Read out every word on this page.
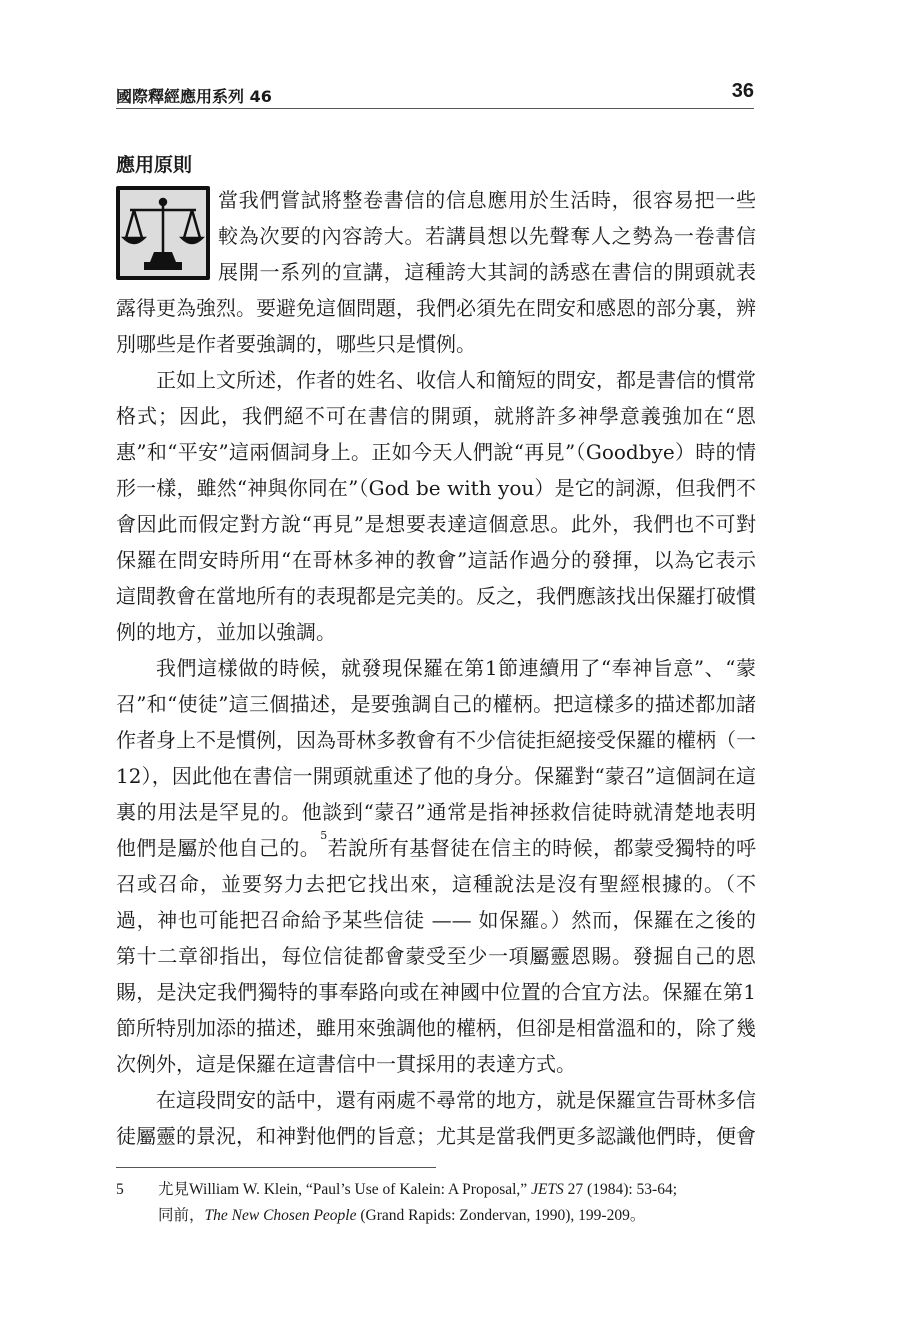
國際釋經應用系列 46	36
應用原則

當我們嘗試將整卷書信的信息應用於生活時，很容易把一些較為次要的內容誇大。若講員想以先聲奪人之勢為一卷書信展開一系列的宣講，這種誇大其詞的誘惑在書信的開頭就表露得更為強烈。要避免這個問題，我們必須先在問安和感恩的部分裏，辨別哪些是作者要強調的，哪些只是慣例。

正如上文所述，作者的姓名、收信人和簡短的問安，都是書信的慣常格式；因此，我們絕不可在書信的開頭，就將許多神學意義強加在“恩惠”和“平安”這兩個詞身上。正如今天人們說“再見”（Goodbye）時的情形一樣，雖然“神與你同在”（God be with you）是它的詞源，但我們不會因此而假定對方說“再見”是想要表達這個意思。此外，我們也不可對保羅在問安時所用“在哥林多神的教會”這話作過分的發揮，以為它表示這間教會在當地所有的表現都是完美的。反之，我們應該找出保羅打破慣例的地方，並加以強調。

我們這樣做的時候，就發現保羅在第1節連續用了“奉神旨意”、“蒙召”和“使徒”這三個描述，是要強調自己的權柄。把這樣多的描述都加諸作者身上不是慣例，因為哥林多教會有不少信徒拒絕接受保羅的權柄（一12），因此他在書信一開頭就重述了他的身分。保羅對“蒙召”這個詞在這裏的用法是罕見的。他談到“蒙召”通常是指神拯救信徒時就清楚地表明他們是屬於他自己的。$^5$若說所有基督徒在信主的時候，都蒙受獨特的呼召或召命，並要努力去把它找出來，這種說法是沒有聖經根據的。（不過，神也可能把召命給予某些信徒 —— 如保羅。）然而，保羅在之後的第十二章卻指出，每位信徒都會蒙受至少一項屬靈恩賜。發掘自己的恩賜，是決定我們獨特的事奉路向或在神國中位置的合宜方法。保羅在第1節所特別加添的描述，雖用來強調他的權柄，但卻是相當溫和的，除了幾次例外，這是保羅在這書信中一貫採用的表達方式。

在這段問安的話中，還有兩處不尋常的地方，就是保羅宣告哥林多信徒屬靈的景況，和神對他們的旨意；尤其是當我們更多認識他們時，便會

5 尤見William W. Klein, “Paul’s Use of Kalein: A Proposal,” JETS 27 (1984): 53-64;
同前，The New Chosen People (Grand Rapids: Zondervan, 1990), 199-209。
